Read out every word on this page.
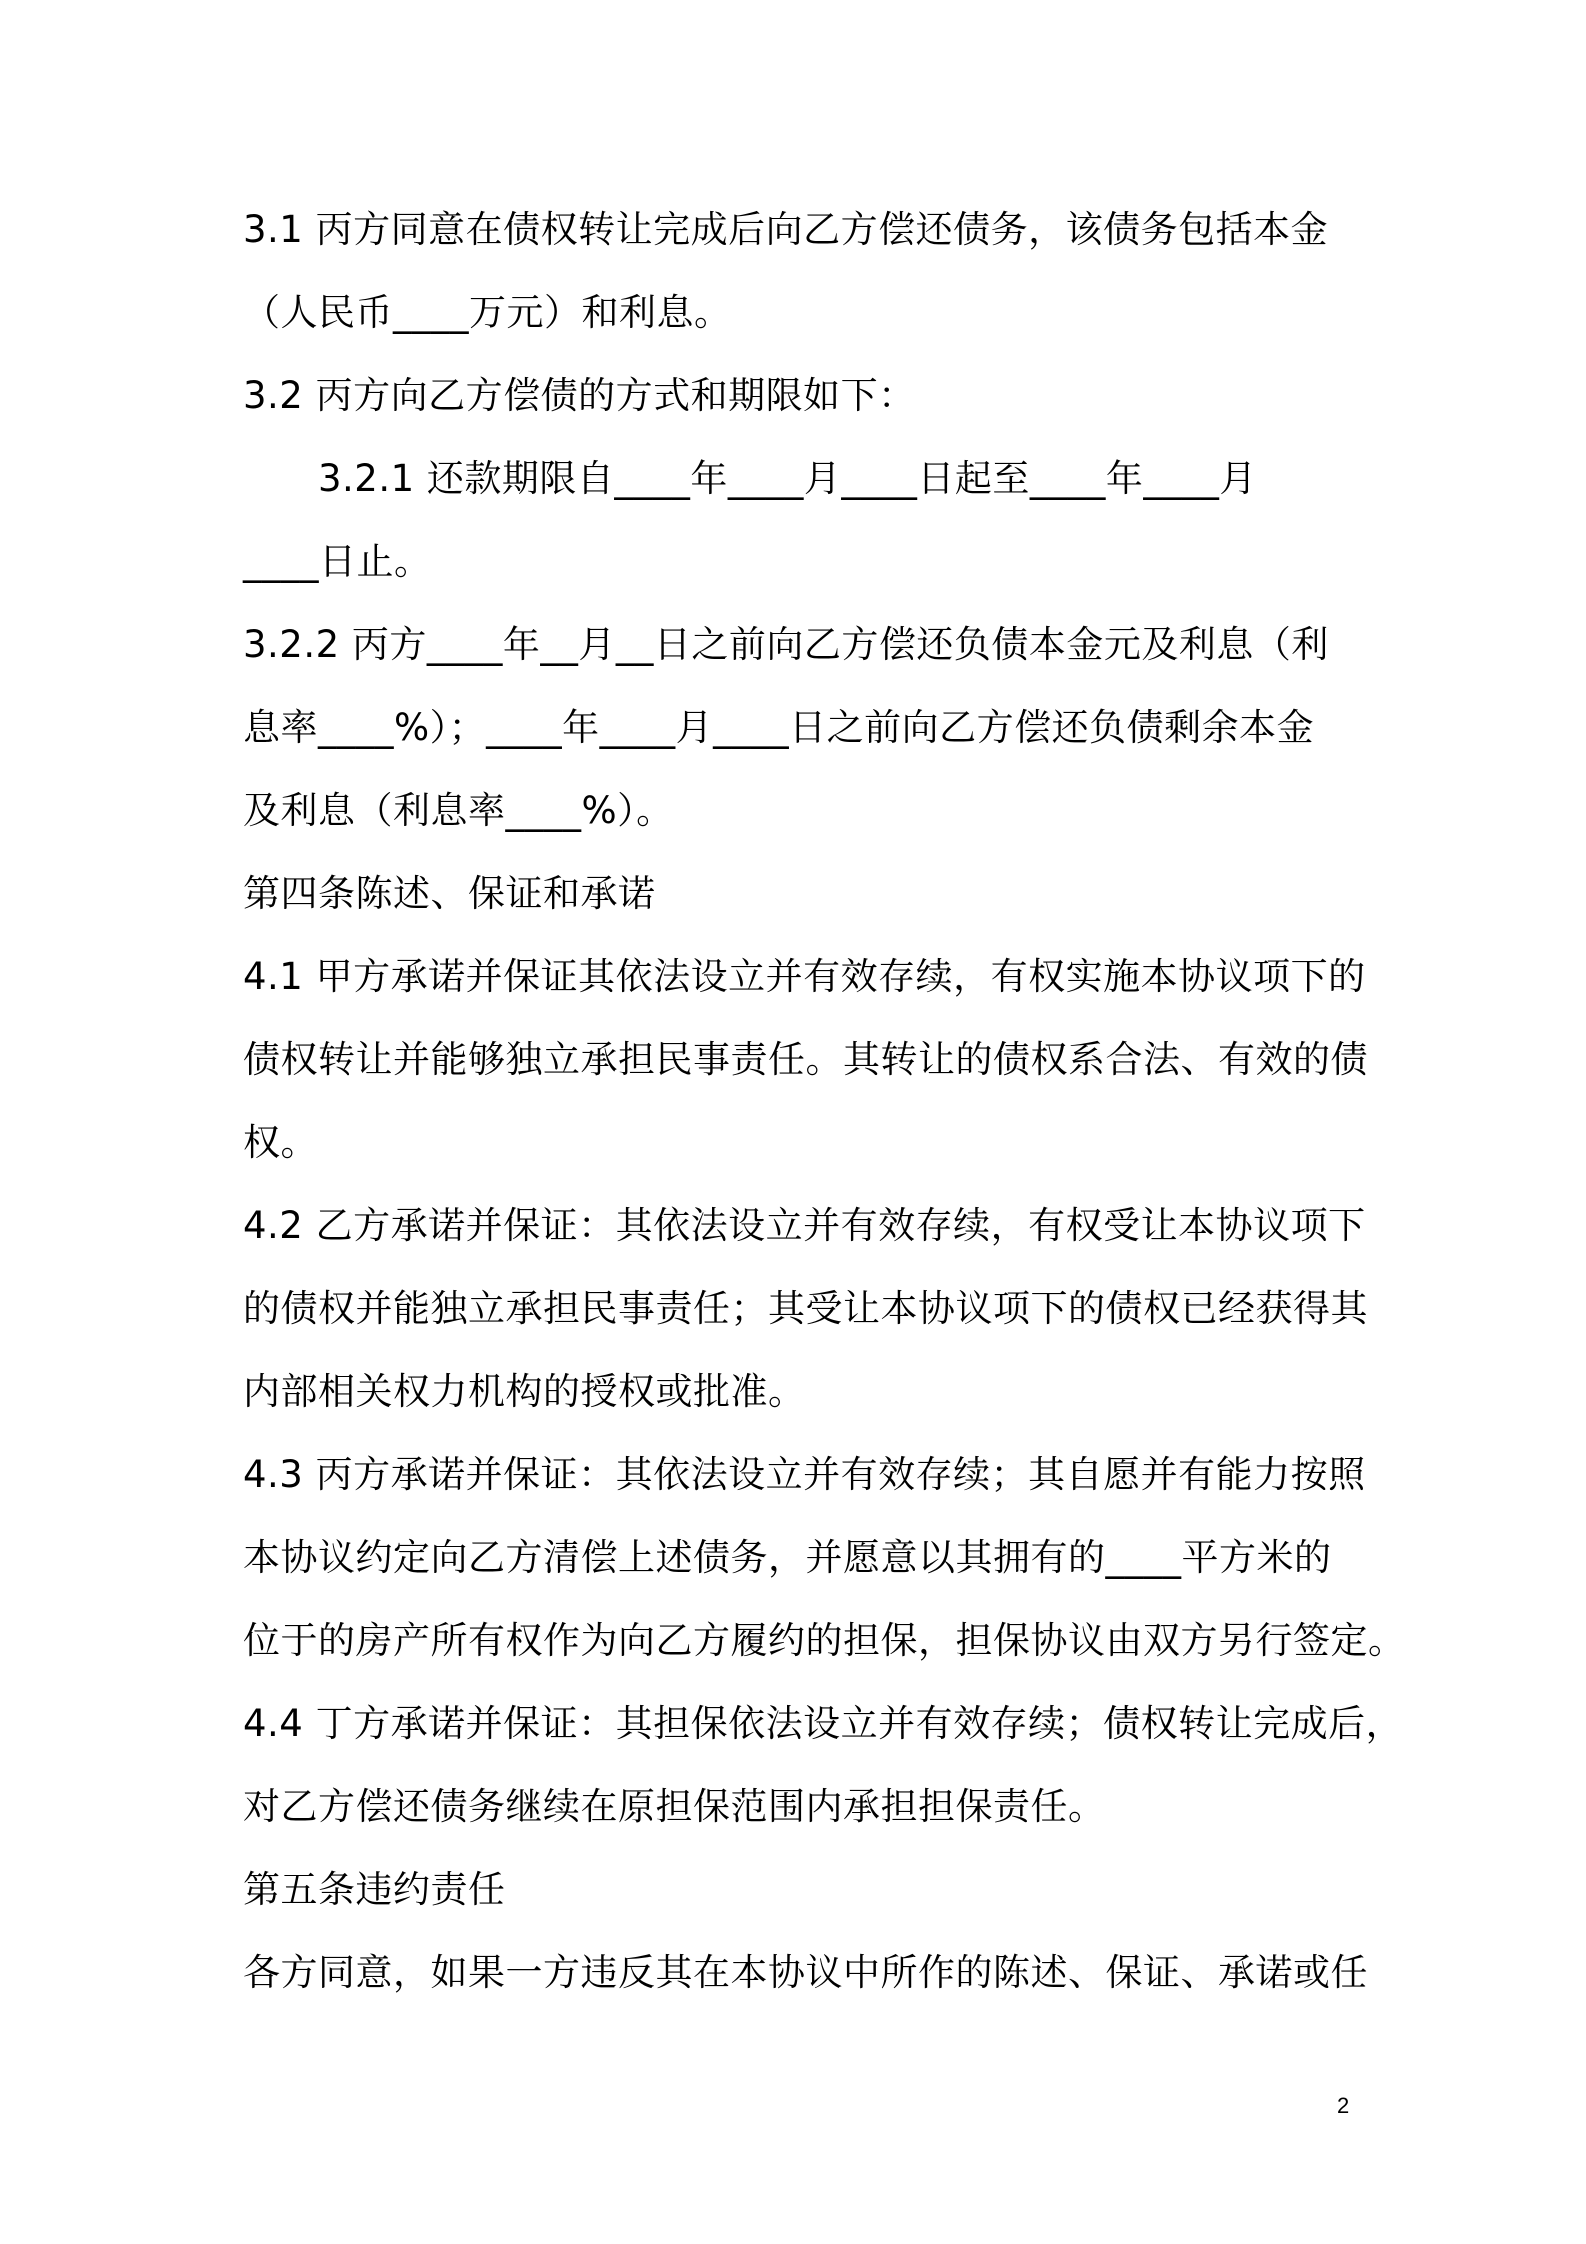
3.1 丙方同意在债权转让完成后向乙方偿还债务，该债务包括本金
（人民币____万元）和利息。
3.2 丙方向乙方偿债的方式和期限如下：
3.2.1 还款期限自____年____月____日起至____年____月
____日止。
3.2.2 丙方____年__月__日之前向乙方偿还负债本金元及利息（利
息率____%）；____年____月____日之前向乙方偿还负债剩余本金
及利息（利息率____%）。
第四条陈述、保证和承诺
4.1 甲方承诺并保证其依法设立并有效存续，有权实施本协议项下的
债权转让并能够独立承担民事责任。其转让的债权系合法、有效的债
权。
4.2 乙方承诺并保证：其依法设立并有效存续，有权受让本协议项下
的债权并能独立承担民事责任；其受让本协议项下的债权已经获得其
内部相关权力机构的授权或批准。
4.3 丙方承诺并保证：其依法设立并有效存续；其自愿并有能力按照
本协议约定向乙方清偿上述债务，并愿意以其拥有的____平方米的
位于的房产所有权作为向乙方履约的担保，担保协议由双方另行签定。
4.4 丁方承诺并保证：其担保依法设立并有效存续；债权转让完成后，
对乙方偿还债务继续在原担保范围内承担担保责任。
第五条违约责任
各方同意，如果一方违反其在本协议中所作的陈述、保证、承诺或任
2
